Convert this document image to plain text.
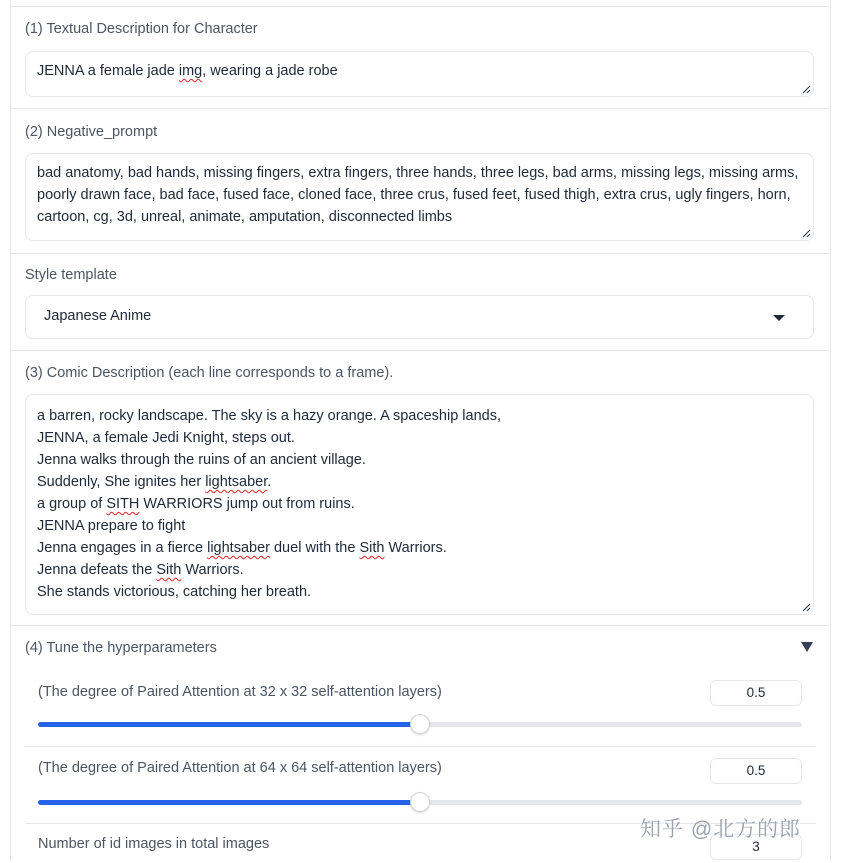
(1) Textual Description for Character
JENNA a female jade img, wearing a jade robe
(2) Negative_prompt
bad anatomy, bad hands, missing fingers, extra fingers, three hands, three legs, bad arms, missing legs, missing arms,
poorly drawn face, bad face, fused face, cloned face, three crus, fused feet, fused thigh, extra crus, ugly fingers, horn,
cartoon, cg, 3d, unreal, animate, amputation, disconnected limbs
Style template
Japanese Anime
(3) Comic Description (each line corresponds to a frame).
a barren, rocky landscape. The sky is a hazy orange. A spaceship lands,
JENNA, a female Jedi Knight, steps out.
Jenna walks through the ruins of an ancient village.
Suddenly, She ignites her lightsaber.
a group of SITH WARRIORS jump out from ruins.
JENNA prepare to fight
Jenna engages in a fierce lightsaber duel with the Sith Warriors.
Jenna defeats the Sith Warriors.
She stands victorious, catching her breath.
(4) Tune the hyperparameters
(The degree of Paired Attention at 32 x 32 self-attention layers)	0.5
(The degree of Paired Attention at 64 x 64 self-attention layers)	0.5
Number of id images in total images	3
知乎 @北方的郎
